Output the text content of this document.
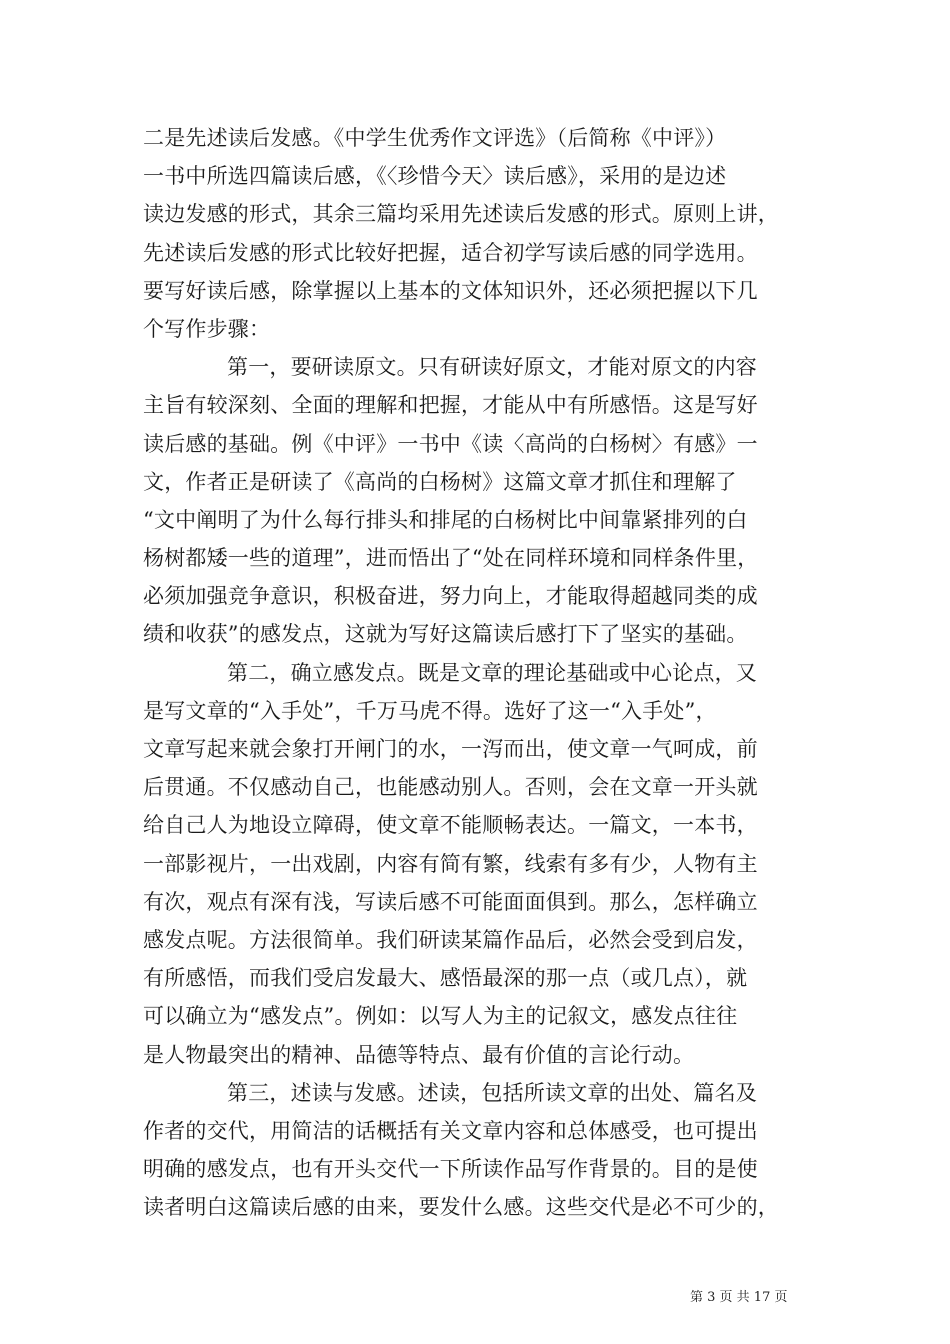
二是先述读后发感。《中学生优秀作文评选》（后简称《中评》）
一书中所选四篇读后感，《〈珍惜今天〉读后感》，采用的是边述
读边发感的形式，其余三篇均采用先述读后发感的形式。原则上讲，
先述读后发感的形式比较好把握，适合初学写读后感的同学选用。
要写好读后感，除掌握以上基本的文体知识外，还必须把握以下几
个写作步骤：
第一，要研读原文。只有研读好原文，才能对原文的内容
主旨有较深刻、全面的理解和把握，才能从中有所感悟。这是写好
读后感的基础。例《中评》一书中《读〈高尚的白杨树〉有感》一
文，作者正是研读了《高尚的白杨树》这篇文章才抓住和理解了
“文中阐明了为什么每行排头和排尾的白杨树比中间靠紧排列的白
杨树都矮一些的道理”，进而悟出了“处在同样环境和同样条件里，
必须加强竞争意识，积极奋进，努力向上，才能取得超越同类的成
绩和收获”的感发点，这就为写好这篇读后感打下了坚实的基础。
第二，确立感发点。既是文章的理论基础或中心论点，又
是写文章的“入手处”，千万马虎不得。选好了这一“入手处”，
文章写起来就会象打开闸门的水，一泻而出，使文章一气呵成，前
后贯通。不仅感动自己，也能感动别人。否则，会在文章一开头就
给自己人为地设立障碍，使文章不能顺畅表达。一篇文，一本书，
一部影视片，一出戏剧，内容有简有繁，线索有多有少，人物有主
有次，观点有深有浅，写读后感不可能面面俱到。那么，怎样确立
感发点呢。方法很简单。我们研读某篇作品后，必然会受到启发，
有所感悟，而我们受启发最大、感悟最深的那一点（或几点），就
可以确立为“感发点”。例如：以写人为主的记叙文，感发点往往
是人物最突出的精神、品德等特点、最有价值的言论行动。
第三，述读与发感。述读，包括所读文章的出处、篇名及
作者的交代，用简洁的话概括有关文章内容和总体感受，也可提出
明确的感发点，也有开头交代一下所读作品写作背景的。目的是使
读者明白这篇读后感的由来，要发什么感。这些交代是必不可少的，
第 3 页 共 17 页
